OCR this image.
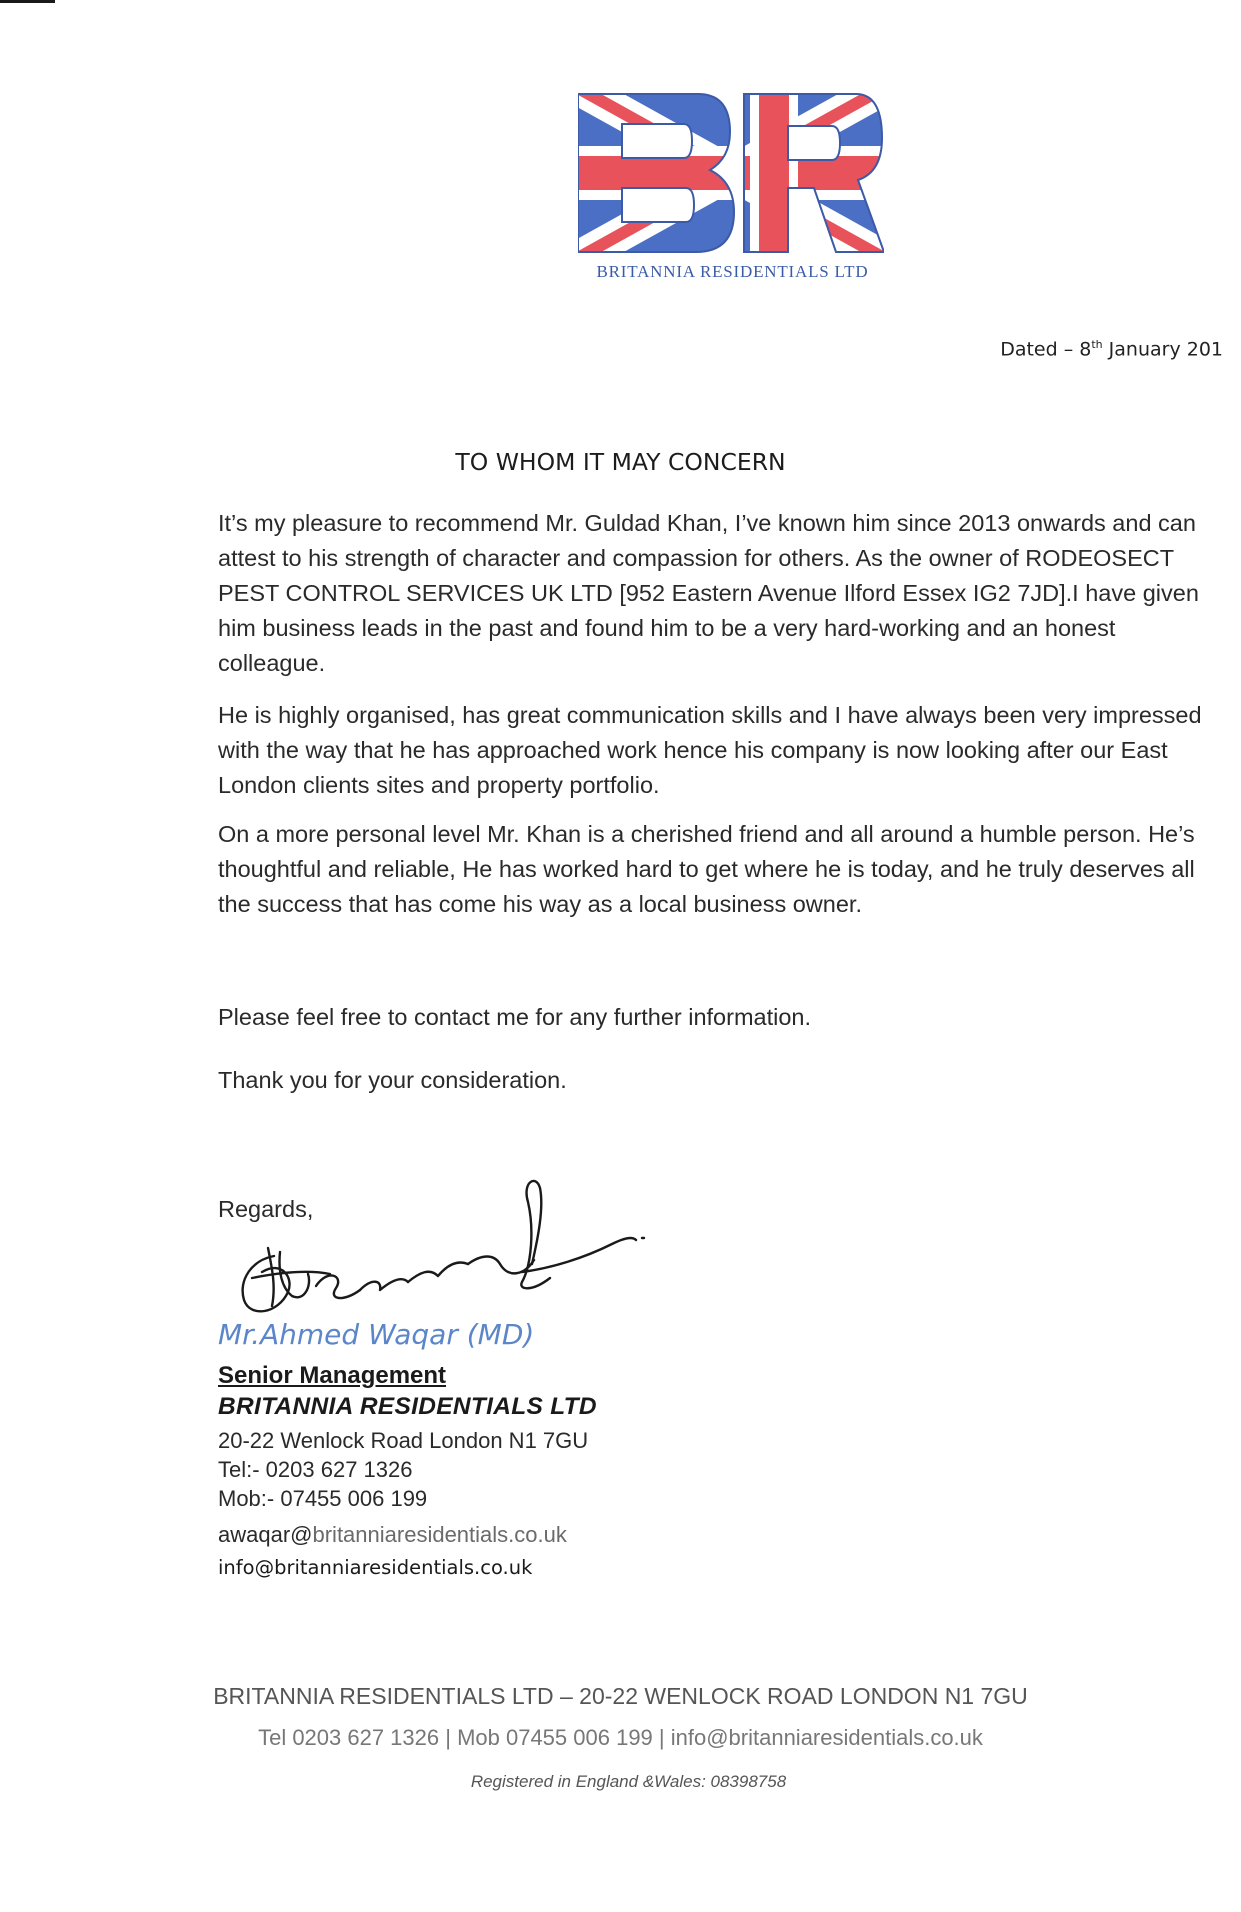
BRITANNIA RESIDENTIALS LTD
Dated – 8th January 201
TO WHOM IT MAY CONCERN
It’s my pleasure to recommend Mr. Guldad Khan, I’ve known him since 2013 onwards and can attest to his strength of character and compassion for others. As the owner of RODEOSECT PEST CONTROL SERVICES UK LTD [952 Eastern Avenue Ilford Essex IG2 7JD].I have given him business leads in the past and found him to be a very hard-working and an honest colleague.
He is highly organised, has great communication skills and I have always been very impressed with the way that he has approached work hence his company is now looking after our East London clients sites and property portfolio.
On a more personal level Mr. Khan is a cherished friend and all around a humble person. He’s thoughtful and reliable, He has worked hard to get where he is today, and he truly deserves all the success that has come his way as a local business owner.
Please feel free to contact me for any further information.
Thank you for your consideration.
Regards,
Mr.Ahmed Waqar (MD)
Senior Management
BRITANNIA RESIDENTIALS LTD
20-22 Wenlock Road London N1 7GU
Tel:- 0203 627 1326
Mob:- 07455 006 199
awaqar@britanniaresidentials.co.uk
info@britanniaresidentials.co.uk
BRITANNIA RESIDENTIALS LTD – 20-22 WENLOCK ROAD LONDON N1 7GU
Tel 0203 627 1326 | Mob 07455 006 199 | info@britanniaresidentials.co.uk
Registered in England &Wales: 08398758
